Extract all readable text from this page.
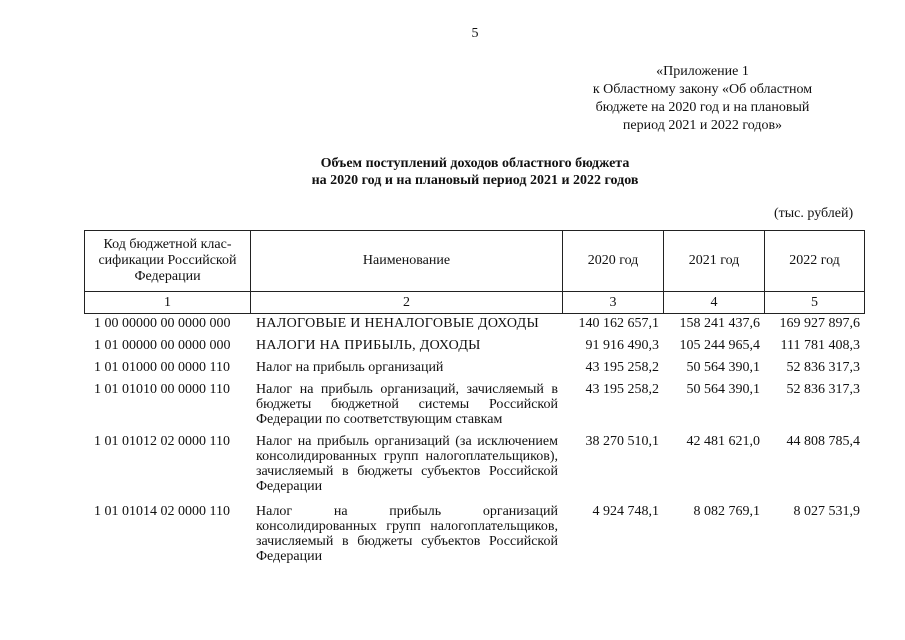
5
«Приложение 1
к Областному закону «Об областном
бюджете на 2020 год и на плановый
период 2021 и 2022 годов»
Объем поступлений доходов областного бюджета
на 2020 год и на плановый период 2021 и 2022 годов
(тыс. рублей)
Код бюджетной клас-
сификации Российской
Федерации	Наименование	2020 год	2021 год	2022 год
1	2	3	4	5
1 00 00000 00 0000 000 НАЛОГОВЫЕ И НЕНАЛОГОВЫЕ ДОХОДЫ	140 162 657,1	158 241 437,6	169 927 897,6
1 01 00000 00 0000 000 НАЛОГИ НА ПРИБЫЛЬ, ДОХОДЫ	91 916 490,3	105 244 965,4	111 781 408,3
1 01 01000 00 0000 110 Налог на прибыль организаций	43 195 258,2	50 564 390,1	52 836 317,3
1 01 01010 00 0000 110 Налог на прибыль организаций, зачисляемый в бюджеты бюджетной системы Российской Федерации по соответствующим ставкам
43 195 258,2	50 564 390,1	52 836 317,3
1 01 01012 02 0000 110 Налог на прибыль организаций (за исключением консолидированных групп налогоплательщиков), зачисляемый в бюджеты субъектов Российской Федерации
38 270 510,1	42 481 621,0	44 808 785,4
1 01 01014 02 0000 110 Налог на прибыль организаций консолидированных групп налогоплательщиков, зачисляемый в бюджеты субъектов Российской Федерации
4 924 748,1	8 082 769,1	8 027 531,9
